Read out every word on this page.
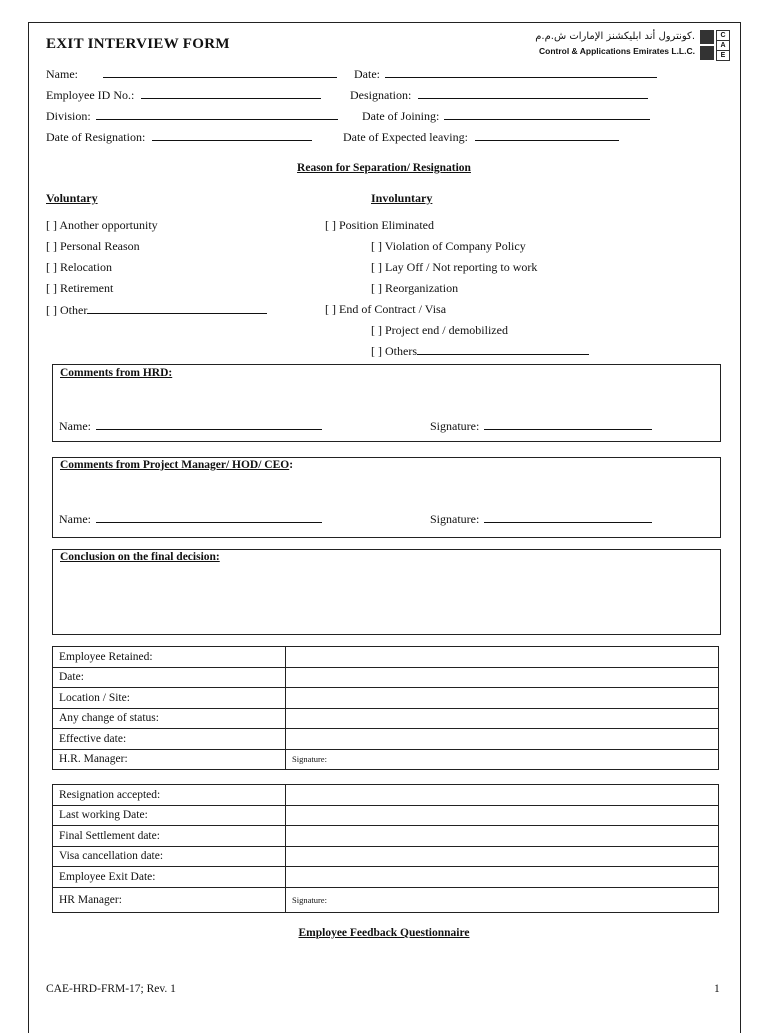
EXIT INTERVIEW FORM	كونترول أند ابليكشنز الإمارات ش.م.م.
Control & Applications Emirates L.L.C.
C
A
E
Name:	Date:
Employee ID No.:	Designation:
Division:	Date of Joining:
Date of Resignation:	Date of Expected leaving:
Reason for Separation/ Resignation
Voluntary	Involuntary
[ ] Another opportunity
[ ] Personal Reason
[ ] Relocation
[ ] Retirement
[ ] Other
[ ] Position Eliminated
[ ] Violation of Company Policy
[ ] Lay Off / Not reporting to work
[ ] Reorganization
[ ] End of Contract / Visa
[ ] Project end / demobilized
[ ] Others
Comments from HRD:
Name:	Signature:
Comments from Project Manager/ HOD/ CEO:
Name:	Signature:
Conclusion on the final decision:
Employee Retained:	
Date:	
Location / Site:	
Any change of status:	
Effective date:	
H.R. Manager:	Signature:
Resignation accepted:	
Last working Date:	
Final Settlement date:	
Visa cancellation date:	
Employee Exit Date:	
HR Manager:	Signature:
Employee Feedback Questionnaire
CAE-HRD-FRM-17; Rev. 1	1
